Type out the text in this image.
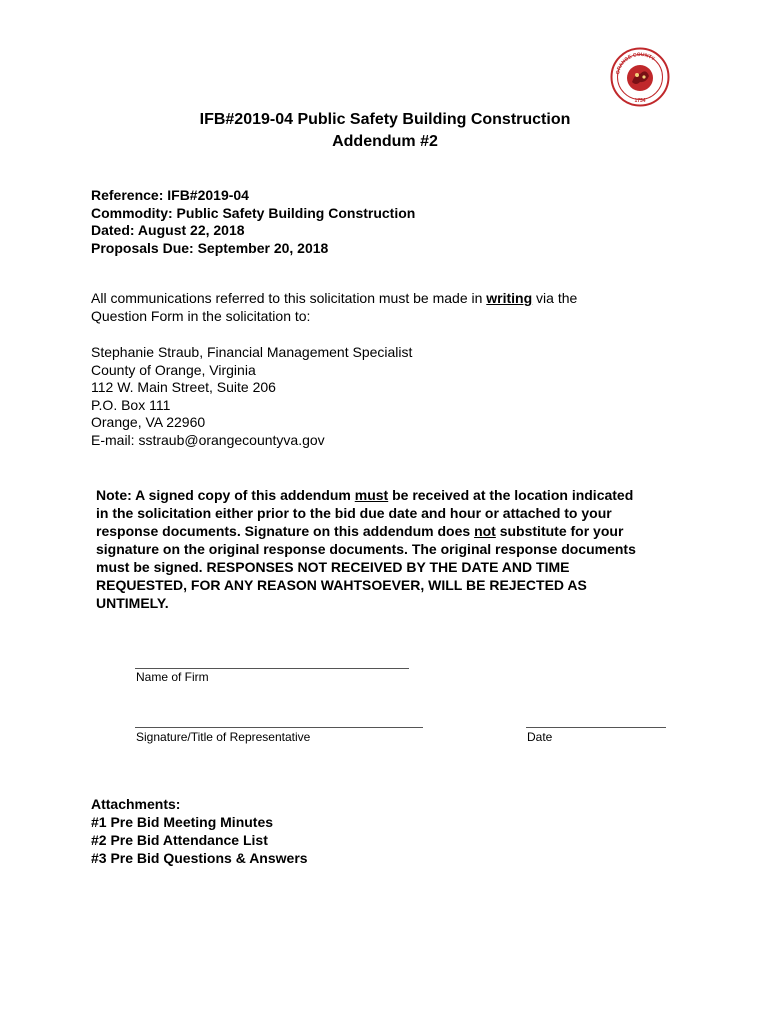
ORANGE COUNTY
1734
IFB#2019-04 Public Safety Building Construction
Addendum #2
Reference: IFB#2019-04
Commodity: Public Safety Building Construction
Dated: August 22, 2018
Proposals Due: September 20, 2018
All communications referred to this solicitation must be made in writing via the
Question Form in the solicitation to:
Stephanie Straub, Financial Management Specialist
County of Orange, Virginia
112 W. Main Street, Suite 206
P.O. Box 111
Orange, VA 22960
E-mail: sstraub@orangecountyva.gov
Note: A signed copy of this addendum must be received at the location indicated
in the solicitation either prior to the bid due date and hour or attached to your
response documents. Signature on this addendum does not substitute for your
signature on the original response documents. The original response documents
must be signed. RESPONSES NOT RECEIVED BY THE DATE AND TIME
REQUESTED, FOR ANY REASON WAHTSOEVER, WILL BE REJECTED AS
UNTIMELY.
Name of Firm
Signature/Title of Representative	Date
Attachments:
#1 Pre Bid Meeting Minutes
#2 Pre Bid Attendance List
#3 Pre Bid Questions & Answers
